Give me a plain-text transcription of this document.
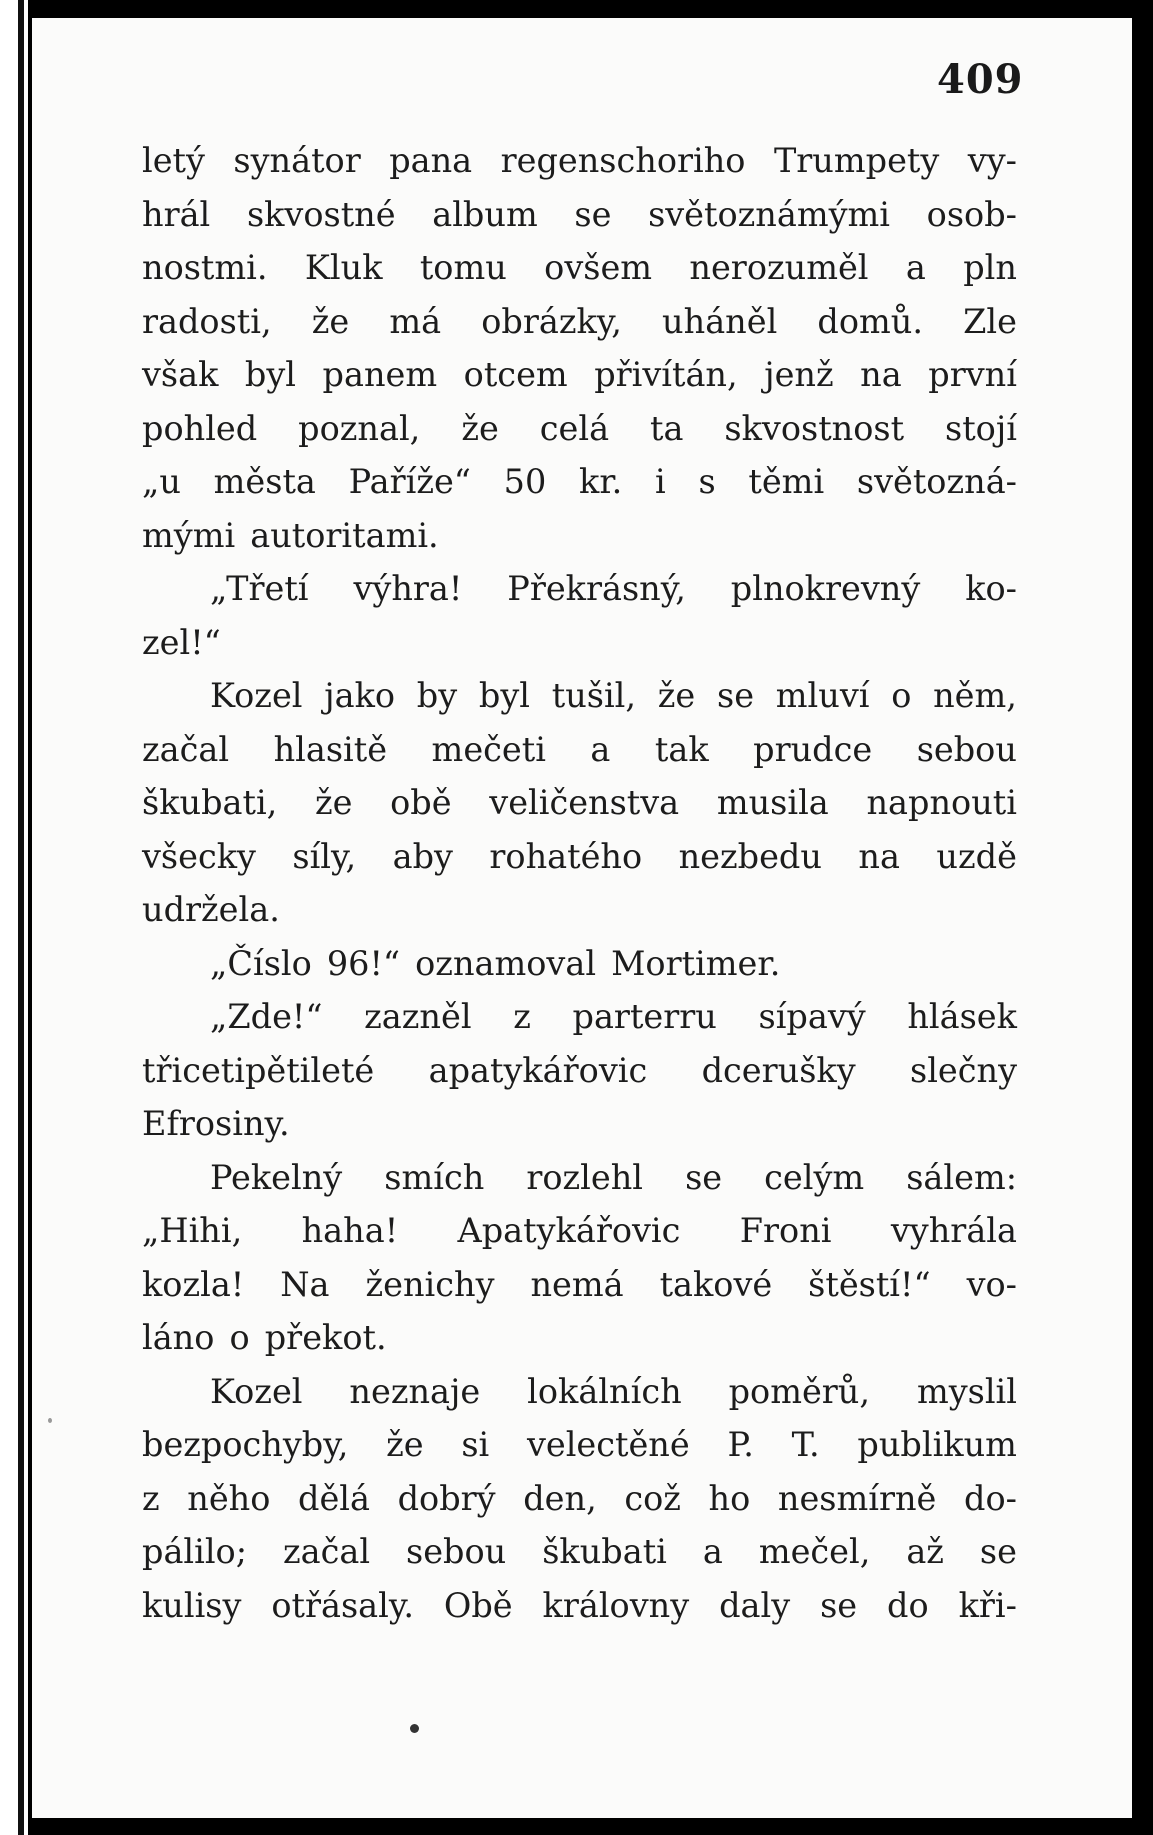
409

letý synátor pana regenschoriho Trumpety vy-
hrál skvostné album se světoznámými osob-
nostmi. Kluk tomu ovšem nerozuměl a pln
radosti, že má obrázky, uháněl domů. Zle
však byl panem otcem přivítán, jenž na první
pohled poznal, že celá ta skvostnost stojí
„u města Paříže“ 50 kr. i s těmi světozná-
mými autoritami.
„Třetí výhra! Překrásný, plnokrevný ko-
zel!“
Kozel jako by byl tušil, že se mluví o něm,
začal hlasitě mečeti a tak prudce sebou
škubati, že obě veličenstva musila napnouti
všecky síly, aby rohatého nezbedu na uzdě
udržela.
„Číslo 96!“ oznamoval Mortimer.
„Zde!“ zazněl z parterru sípavý hlásek
třicetipětileté apatykářovic dcerušky slečny
Efrosiny.
Pekelný smích rozlehl se celým sálem:
„Hihi, haha! Apatykářovic Froni vyhrála
kozla! Na ženichy nemá takové štěstí!“ vo-
láno o překot.
Kozel neznaje lokálních poměrů, myslil
bezpochyby, že si velectěné P. T. publikum
z něho dělá dobrý den, což ho nesmírně do-
pálilo; začal sebou škubati a mečel, až se
kulisy otřásaly. Obě královny daly se do kři-
